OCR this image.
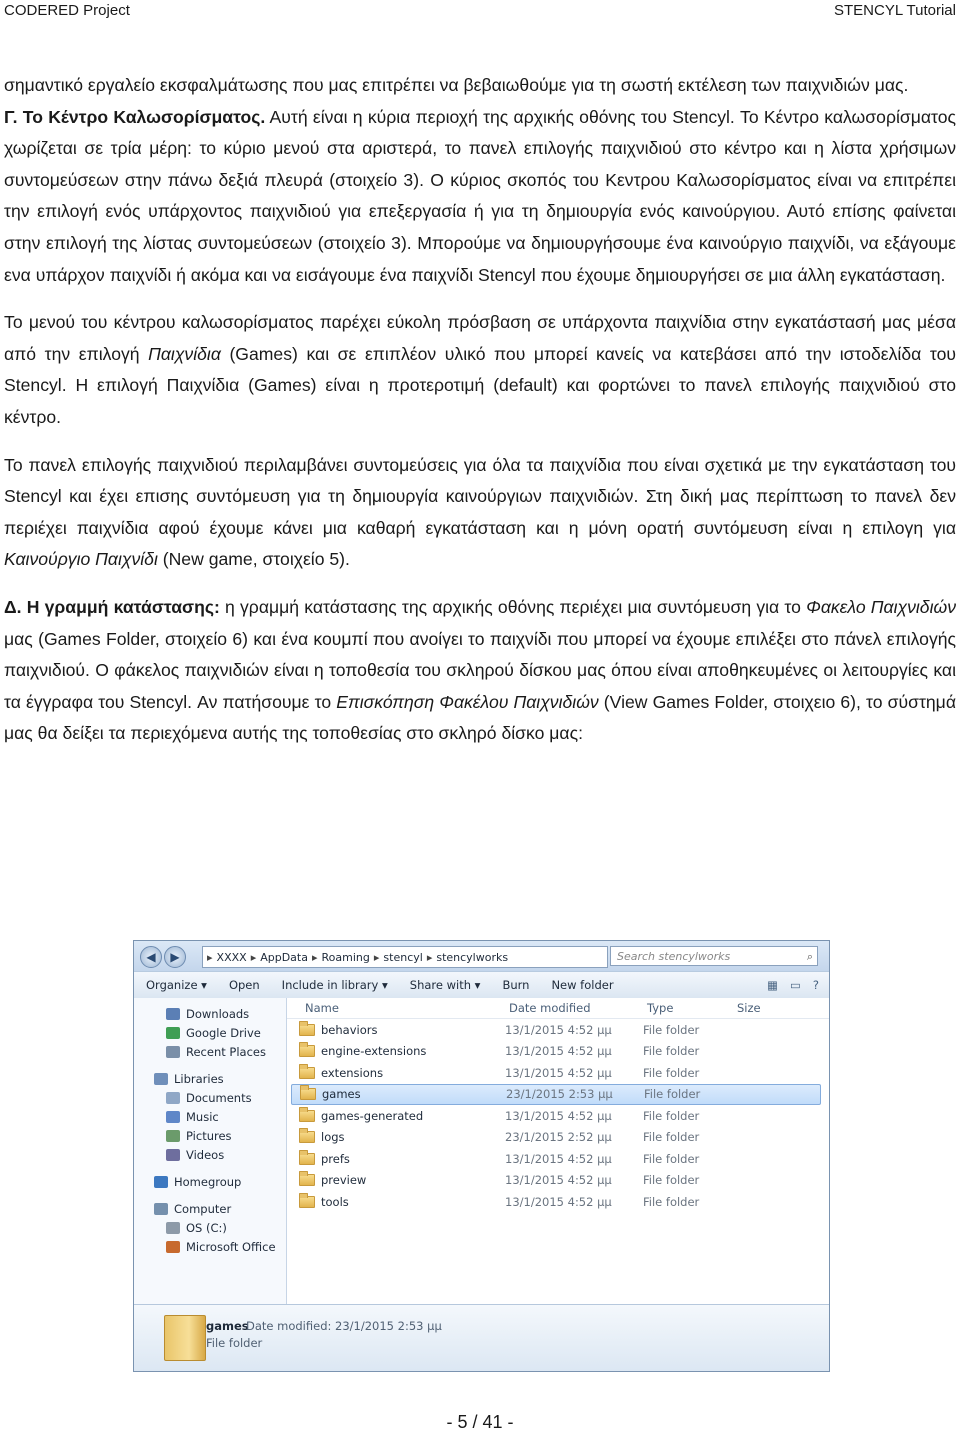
CODERED Project	STENCYL Tutorial

σημαντικό εργαλείο εκσφαλμάτωσης που μας επιτρέπει να βεβαιωθούμε για τη σωστή εκτέλεση των παιχνιδιών μας.

Γ. Το Κέντρο Καλωσορίσματος. Αυτή είναι η κύρια περιοχή της αρχικής οθόνης του Stencyl. Το Κέντρο καλωσορίσματος χωρίζεται σε τρία μέρη: το κύριο μενού στα αριστερά, το πανελ επιλογής παιχνιδιού στο κέντρο και η λίστα χρήσιμων συντομεύσεων στην πάνω δεξιά πλευρά (στοιχείο 3). Ο κύριος σκοπός του Κεντρου Καλωσορίσματος είναι να επιτρέπει την επιλογή ενός υπάρχοντος παιχνιδιού για επεξεργασία ή για τη δημιουργία ενός καινούργιου. Αυτό επίσης φαίνεται στην επιλογή της λίστας συντομεύσεων (στοιχείο 3). Μπορούμε να δημιουργήσουμε ένα καινούργιο παιχνίδι, να εξάγουμε ενα υπάρχον παιχνίδι ή ακόμα και να εισάγουμε ένα παιχνίδι Stencyl που έχουμε δημιουργήσει σε μια άλλη εγκατάσταση.

Το μενού του κέντρου καλωσορίσματος παρέχει εύκολη πρόσβαση σε υπάρχοντα παιχνίδια στην εγκατάστασή μας μέσα από την επιλογή Παιχνίδια (Games) και σε επιπλέον υλικό που μπορεί κανείς να κατεβάσει από την ιστοδελίδα του Stencyl. Η επιλογή Παιχνίδια (Games) είναι η προτεροτιμή (default) και φορτώνει το πανελ επιλογής παιχνιδιού στο κέντρο.

Το πανελ επιλογής παιχνιδιού περιλαμβάνει συντομεύσεις για όλα τα παιχνίδια που είναι σχετικά με την εγκατάσταση του Stencyl και έχει επισης συντόμευση για τη δημιουργία καινούργιων παιχνιδιών. Στη δική μας περίπτωση το πανελ δεν περιέχει παιχνίδια αφού έχουμε κάνει μια καθαρή εγκατάσταση και η μόνη ορατή συντόμευση είναι η επιλογη για Καινούργιο Παιχνίδι (New game, στοιχείο 5).

Δ. Η γραμμή κατάστασης: η γραμμή κατάστασης της αρχικής οθόνης περιέχει μια συντόμευση για το Φακελο Παιχνιδιών μας (Games Folder, στοιχείο 6) και ένα κουμπί που ανοίγει το παιχνίδι που μπορεί να έχουμε επιλέξει στο πάνελ επιλογής παιχνιδιού. Ο φάκελος παιχνιδιών είναι η τοποθεσία του σκληρού δίσκου μας όπου είναι αποθηκευμένες οι λειτουργίες και τα έγγραφα του Stencyl. Αν πατήσουμε το Επισκόπηση Φακέλου Παιχνιδιών (View Games Folder, στοιχειο 6), το σύστημά μας θα δείξει τα περιεχόμενα αυτής της τοποθεσίας στο σκληρό δίσκο μας:

◀	▶	▸ XXXX ▸ AppData ▸ Roaming ▸ stencyl ▸ stencylworks	Search stencylworks	⌕
Organize ▾ Open Include in library ▾ Share with ▾ Burn New folder	▦ ▭ ?
Downloads
Google Drive
Recent Places
Libraries
Documents
Music
Pictures
Videos
Homegroup
Computer
OS (C:)
Microsoft Office
Name	Date modified	Type	Size
behaviors	13/1/2015 4:52 μμ	File folder
engine-extensions	13/1/2015 4:52 μμ	File folder
extensions	13/1/2015 4:52 μμ	File folder
games	23/1/2015 2:53 μμ	File folder
games-generated	13/1/2015 4:52 μμ	File folder
logs	23/1/2015 2:52 μμ	File folder
prefs	13/1/2015 4:52 μμ	File folder
preview	13/1/2015 4:52 μμ	File folder
tools	13/1/2015 4:52 μμ	File folder
games
Date modified: 23/1/2015 2:53 μμ
File folder
- 5 / 41 -
